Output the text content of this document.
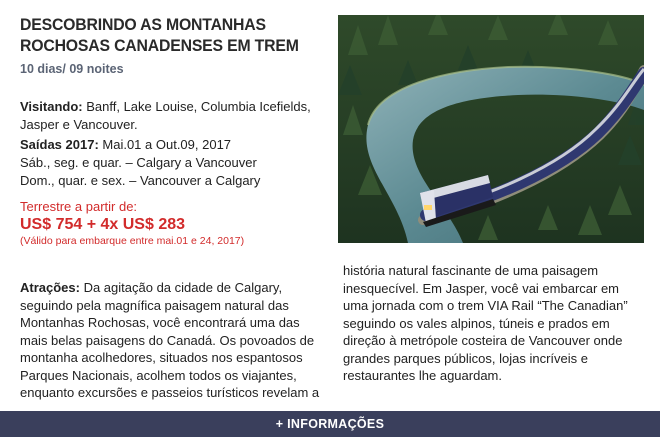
DESCOBRINDO AS MONTANHAS
ROCHOSAS CANADENSES EM TREM
10 dias/ 09 noites
Visitando: Banff, Lake Louise, Columbia Icefields, Jasper e Vancouver.
Saídas 2017: Mai.01 a Out.09, 2017
Sáb., seg. e quar. – Calgary a Vancouver
Dom., quar. e sex. – Vancouver a Calgary
Terrestre a partir de:
US$ 754 + 4x US$ 283
(Válido para embarque entre mai.01 e 24, 2017)
Atrações: Da agitação da cidade de Calgary, seguindo pela magnífica paisagem natural das Montanhas Rochosas, você encontrará uma das mais belas paisagens do Canadá. Os povoados de montanha acolhedores, situados nos espantosos Parques Nacionais, acolhem todos os viajantes, enquanto excursões e passeios turísticos revelam a
história natural fascinante de uma paisagem inesquecível. Em Jasper, você vai embarcar em uma jornada com o trem VIA Rail “The Canadian” seguindo os vales alpinos, túneis e prados em direção à metrópole costeira de Vancouver onde grandes parques públicos, lojas incríveis e restaurantes lhe aguardam.
+ INFORMAÇÕES
